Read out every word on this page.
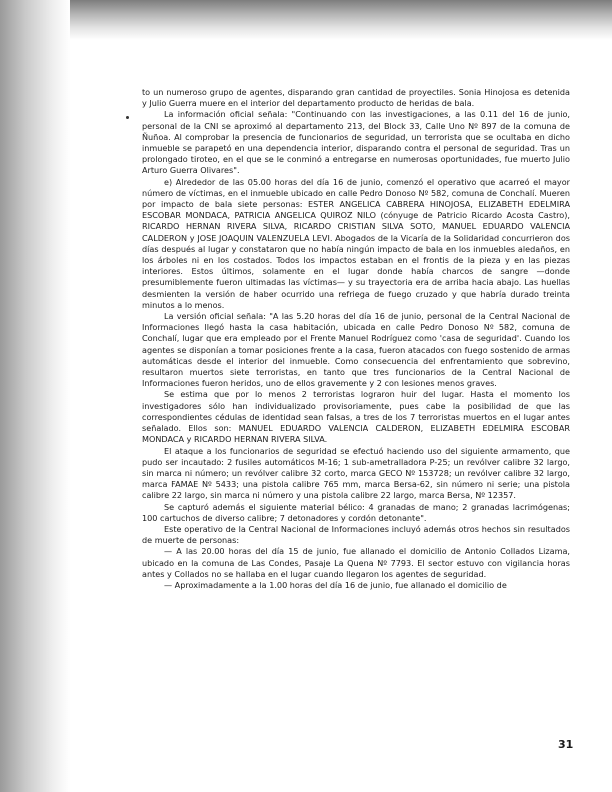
to un numeroso grupo de agentes, disparando gran cantidad de proyectiles. Sonia Hinojosa es detenida y Julio Guerra muere en el interior del departamento producto de heridas de bala.

La información oficial señala: "Continuando con las investigaciones, a las 0.11 del 16 de junio, personal de la CNI se aproximó al departamento 213, del Block 33, Calle Uno Nº 897 de la comuna de Ñuñoa. Al comprobar la presencia de funcionarios de seguridad, un terrorista que se ocultaba en dicho inmueble se parapetó en una dependencia interior, disparando contra el personal de seguridad. Tras un prolongado tiroteo, en el que se le conminó a entregarse en numerosas oportunidades, fue muerto Julio Arturo Guerra Olivares".

e) Alrededor de las 05.00 horas del día 16 de junio, comenzó el operativo que acarreó el mayor número de víctimas, en el inmueble ubicado en calle Pedro Donoso Nº 582, comuna de Conchalí. Mueren por impacto de bala siete personas: ESTER ANGELICA CABRERA HINOJOSA, ELIZABETH EDELMIRA ESCOBAR MONDACA, PATRICIA ANGELICA QUIROZ NILO (cónyuge de Patricio Ricardo Acosta Castro), RICARDO HERNAN RIVERA SILVA, RICARDO CRISTIAN SILVA SOTO, MANUEL EDUARDO VALENCIA CALDERON y JOSE JOAQUIN VALENZUELA LEVI. Abogados de la Vicaría de la Solidaridad concurrieron dos días después al lugar y constataron que no había ningún impacto de bala en los inmuebles aledaños, en los árboles ni en los costados. Todos los impactos estaban en el frontis de la pieza y en las piezas interiores. Estos últimos, solamente en el lugar donde había charcos de sangre —donde presumiblemente fueron ultimadas las víctimas— y su trayectoria era de arriba hacia abajo. Las huellas desmienten la versión de haber ocurrido una refriega de fuego cruzado y que habría durado treinta minutos a lo menos.

La versión oficial señala: "A las 5.20 horas del día 16 de junio, personal de la Central Nacional de Informaciones llegó hasta la casa habitación, ubicada en calle Pedro Donoso Nº 582, comuna de Conchalí, lugar que era empleado por el Frente Manuel Rodríguez como 'casa de seguridad'. Cuando los agentes se disponían a tomar posiciones frente a la casa, fueron atacados con fuego sostenido de armas automáticas desde el interior del inmueble. Como consecuencia del enfrentamiento que sobrevino, resultaron muertos siete terroristas, en tanto que tres funcionarios de la Central Nacional de Informaciones fueron heridos, uno de ellos gravemente y 2 con lesiones menos graves.

Se estima que por lo menos 2 terroristas lograron huir del lugar. Hasta el momento los investigadores sólo han individualizado provisoriamente, pues cabe la posibilidad de que las correspondientes cédulas de identidad sean falsas, a tres de los 7 terroristas muertos en el lugar antes señalado. Ellos son: MANUEL EDUARDO VALENCIA CALDERON, ELIZABETH EDELMIRA ESCOBAR MONDACA y RICARDO HERNAN RIVERA SILVA.

El ataque a los funcionarios de seguridad se efectuó haciendo uso del siguiente armamento, que pudo ser incautado: 2 fusiles automáticos M-16; 1 sub-ametralladora P-25; un revólver calibre 32 largo, sin marca ni número; un revólver calibre 32 corto, marca GECO Nº 153728; un revólver calibre 32 largo, marca FAMAE Nº 5433; una pistola calibre 765 mm, marca Bersa-62, sin número ni serie; una pistola calibre 22 largo, sin marca ni número y una pistola calibre 22 largo, marca Bersa, Nº 12357.

Se capturó además el siguiente material bélico: 4 granadas de mano; 2 granadas lacrimógenas; 100 cartuchos de diverso calibre; 7 detonadores y cordón detonante".

Este operativo de la Central Nacional de Informaciones incluyó además otros hechos sin resultados de muerte de personas:

— A las 20.00 horas del día 15 de junio, fue allanado el domicilio de Antonio Collados Lizama, ubicado en la comuna de Las Condes, Pasaje La Quena Nº 7793. El sector estuvo con vigilancia horas antes y Collados no se hallaba en el lugar cuando llegaron los agentes de seguridad.

— Aproximadamente a la 1.00 horas del día 16 de junio, fue allanado el domicilio de

31
